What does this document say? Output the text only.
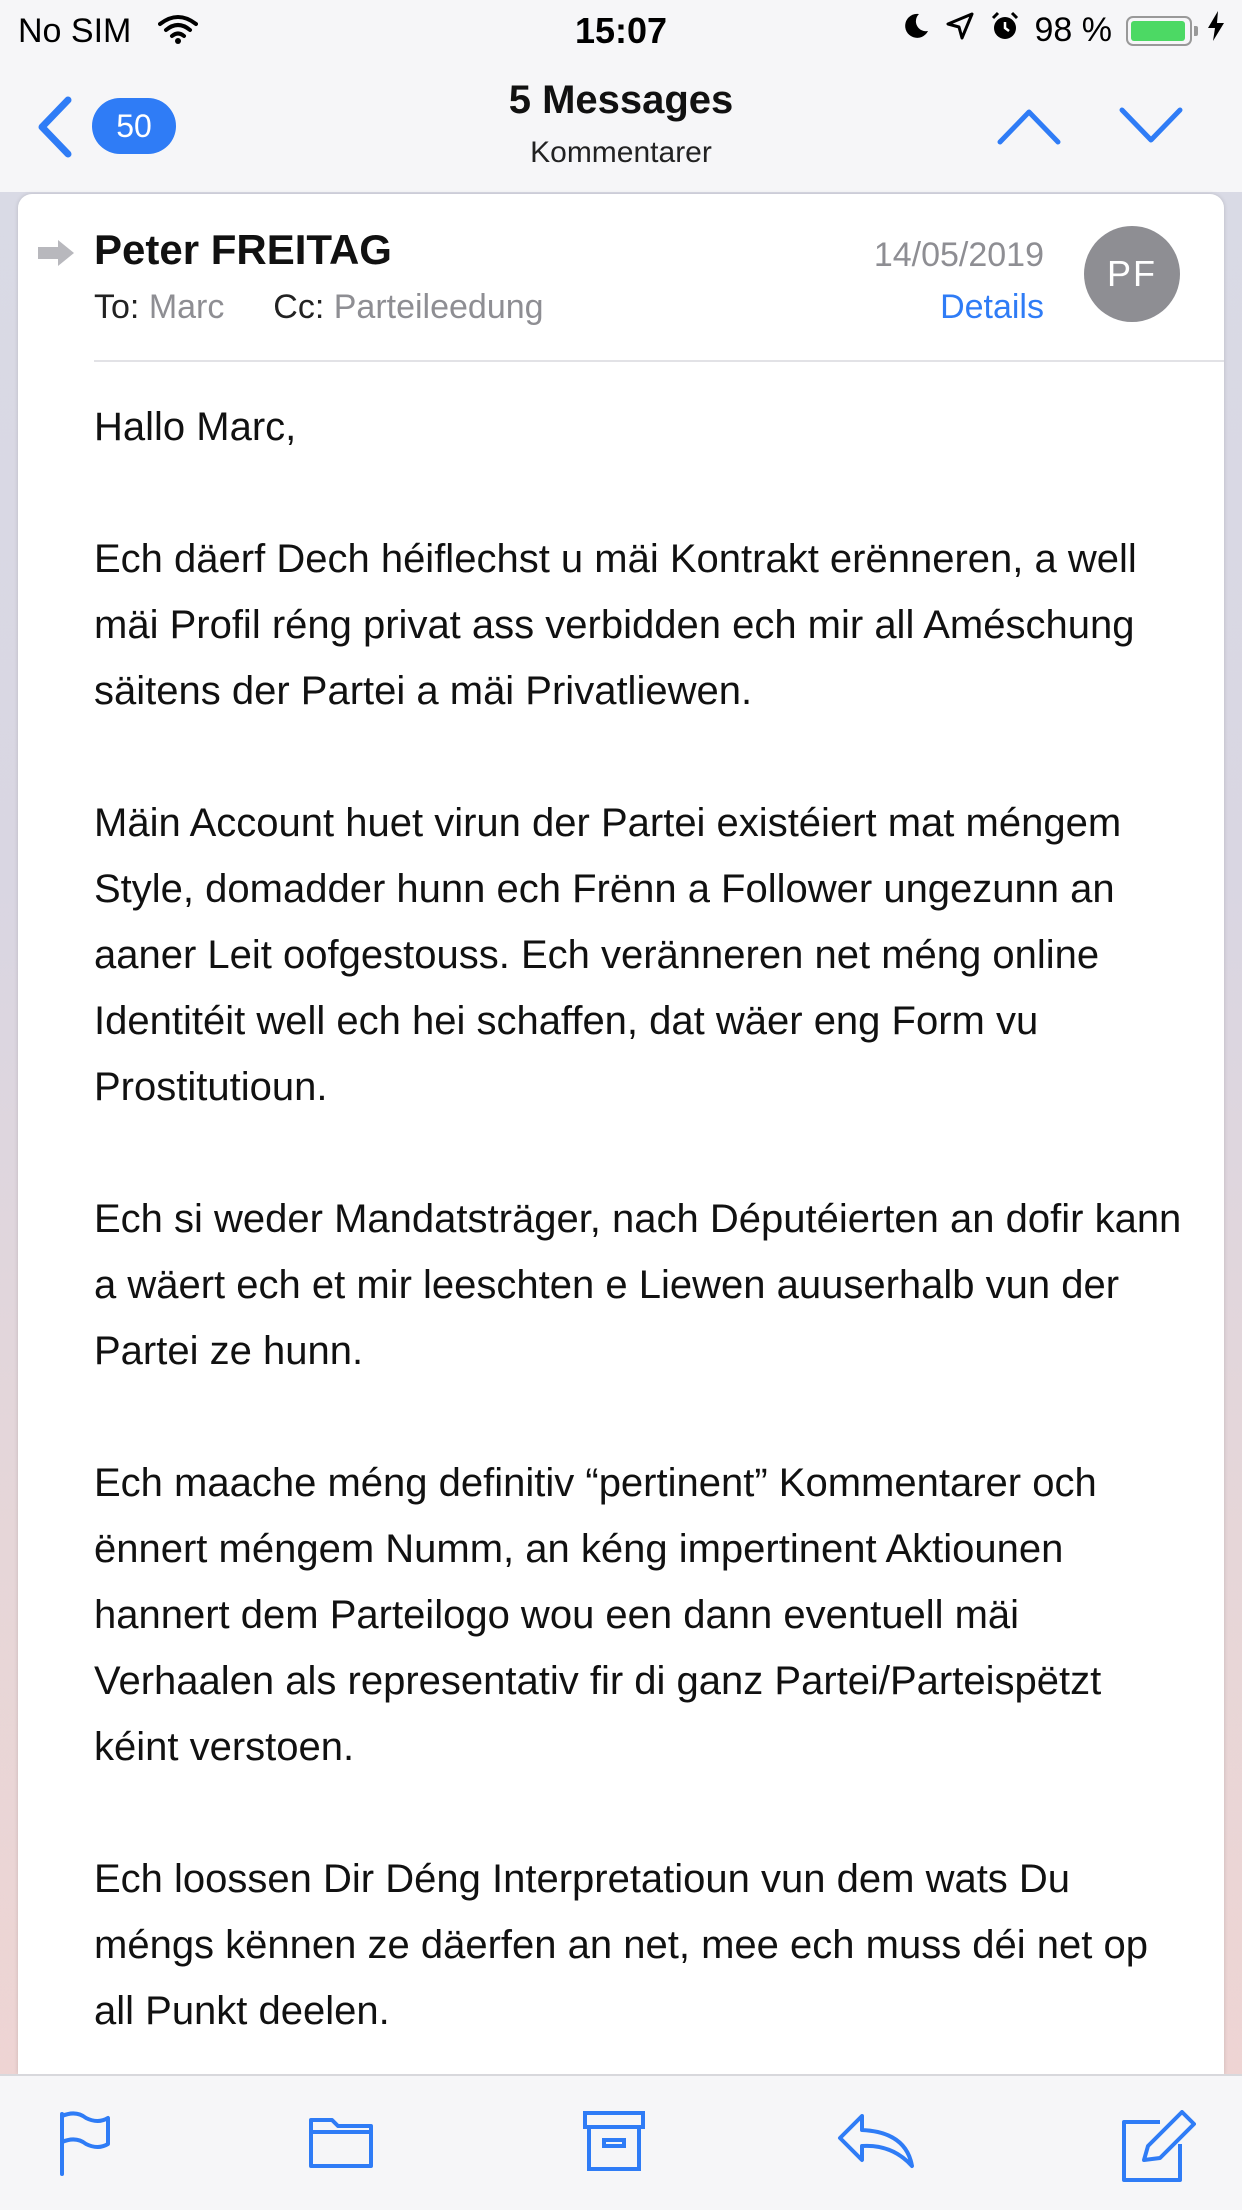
No SIM	15:07	98 %
50
5 Messages
Kommentarer
Peter FREITAG
To: Marc Cc: Parteileedung
14/05/2019
Details
PF

Hallo Marc,

Ech däerf Dech héiflechst u mäi Kontrakt erënneren, a well mäi Profil réng privat ass verbidden ech mir all Améschung säitens der Partei a mäi Privatliewen.

Mäin Account huet virun der Partei existéiert mat méngem Style, domadder hunn ech Frënn a Follower ungezunn an aaner Leit oofgestouss. Ech veränneren net méng online Identitéit well ech hei schaffen, dat wäer eng Form vu Prostitutioun.

Ech si weder Mandatsträger, nach Députéierten an dofir kann a wäert ech et mir leeschten e Liewen auuserhalb vun der Partei ze hunn.

Ech maache méng definitiv “pertinent” Kommentarer och ënnert méngem Numm, an kéng impertinent Aktiounen hannert dem Parteilogo wou een dann eventuell mäi Verhaalen als representativ fir di ganz Partei/Parteispëtzt kéint verstoen.

Ech loossen Dir Déng Interpretatioun vun dem wats Du méngs kënnen ze däerfen an net, mee ech muss déi net op all Punkt deelen.
